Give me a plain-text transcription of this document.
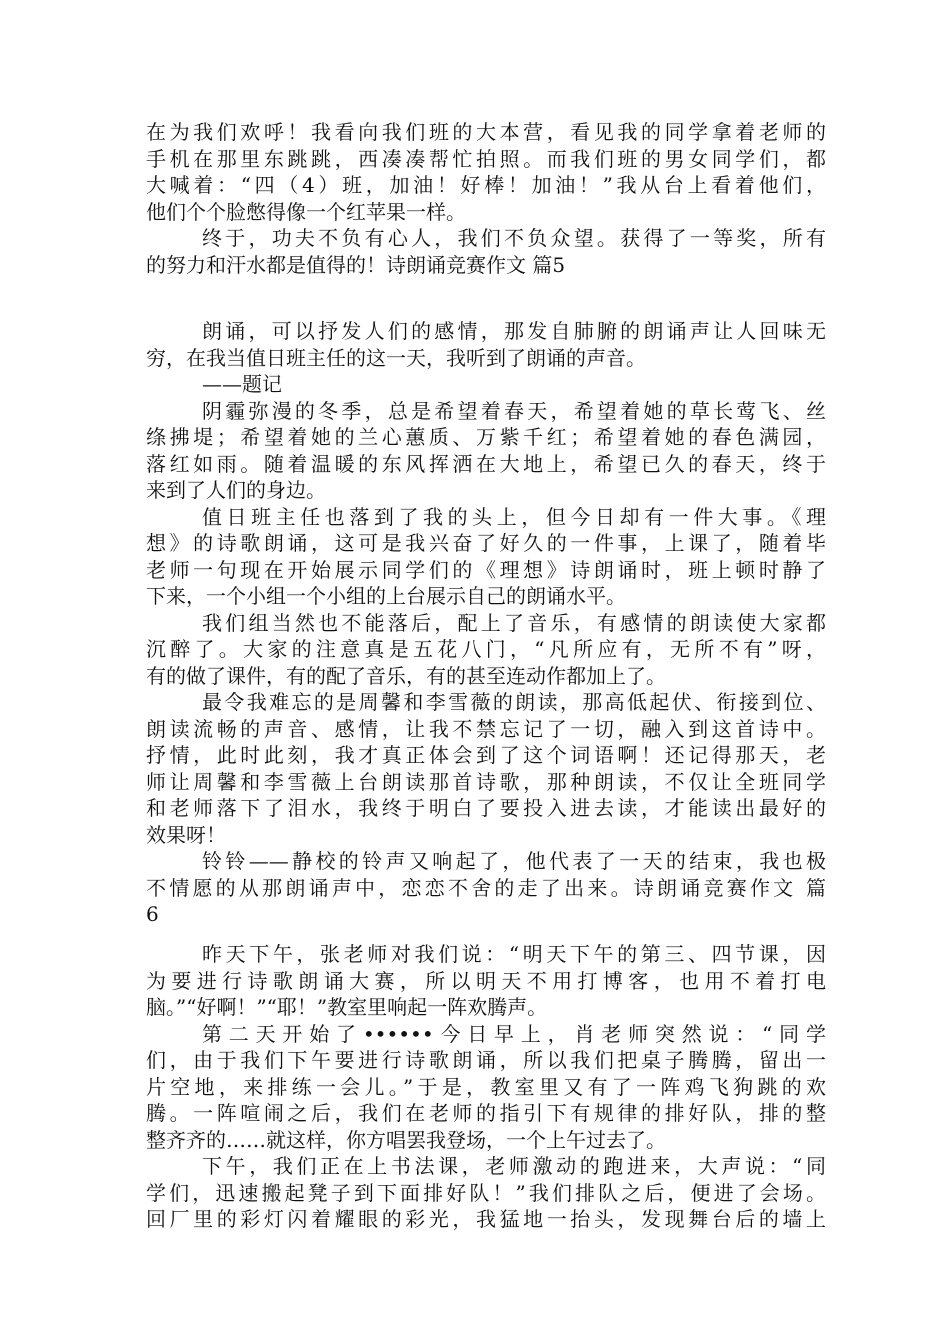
在为我们欢呼！我看向我们班的大本营，看见我的同学拿着老师的
手机在那里东跳跳，西凑凑帮忙拍照。而我们班的男女同学们，都
大喊着：“四（4）班，加油！好棒！加油！”我从台上看着他们，
他们个个脸憋得像一个红苹果一样。
终于，功夫不负有心人，我们不负众望。获得了一等奖，所有
的努力和汗水都是值得的！诗朗诵竞赛作文 篇5
朗诵，可以抒发人们的感情，那发自肺腑的朗诵声让人回味无
穷，在我当值日班主任的这一天，我听到了朗诵的声音。
——题记
阴霾弥漫的冬季，总是希望着春天，希望着她的草长莺飞、丝
绦拂堤；希望着她的兰心蕙质、万紫千红；希望着她的春色满园，
落红如雨。随着温暖的东风挥洒在大地上，希望已久的春天，终于
来到了人们的身边。
值日班主任也落到了我的头上，但今日却有一件大事。《理
想》的诗歌朗诵，这可是我兴奋了好久的一件事，上课了，随着毕
老师一句现在开始展示同学们的《理想》诗朗诵时，班上顿时静了
下来，一个小组一个小组的上台展示自己的朗诵水平。
我们组当然也不能落后，配上了音乐，有感情的朗读使大家都
沉醉了。大家的注意真是五花八门，“凡所应有，无所不有”呀，
有的做了课件，有的配了音乐，有的甚至连动作都加上了。
最令我难忘的是周馨和李雪薇的朗读，那高低起伏、衔接到位、
朗读流畅的声音、感情，让我不禁忘记了一切，融入到这首诗中。
抒情，此时此刻，我才真正体会到了这个词语啊！还记得那天，老
师让周馨和李雪薇上台朗读那首诗歌，那种朗读，不仅让全班同学
和老师落下了泪水，我终于明白了要投入进去读，才能读出最好的
效果呀！
铃铃——静校的铃声又响起了，他代表了一天的结束，我也极
不情愿的从那朗诵声中，恋恋不舍的走了出来。诗朗诵竞赛作文 篇
6
昨天下午，张老师对我们说：“明天下午的第三、四节课，因
为要进行诗歌朗诵大赛，所以明天不用打博客，也用不着打电
脑。”“好啊！”“耶！”教室里响起一阵欢腾声。
第二天开始了••••••今日早上，肖老师突然说：“同学
们，由于我们下午要进行诗歌朗诵，所以我们把桌子腾腾，留出一
片空地，来排练一会儿。”于是，教室里又有了一阵鸡飞狗跳的欢
腾。一阵喧闹之后，我们在老师的指引下有规律的排好队，排的整
整齐齐的……就这样，你方唱罢我登场，一个上午过去了。
下午，我们正在上书法课，老师激动的跑进来，大声说：“同
学们，迅速搬起凳子到下面排好队！”我们排队之后，便进了会场。
回厂里的彩灯闪着耀眼的彩光，我猛地一抬头，发现舞台后的墙上
